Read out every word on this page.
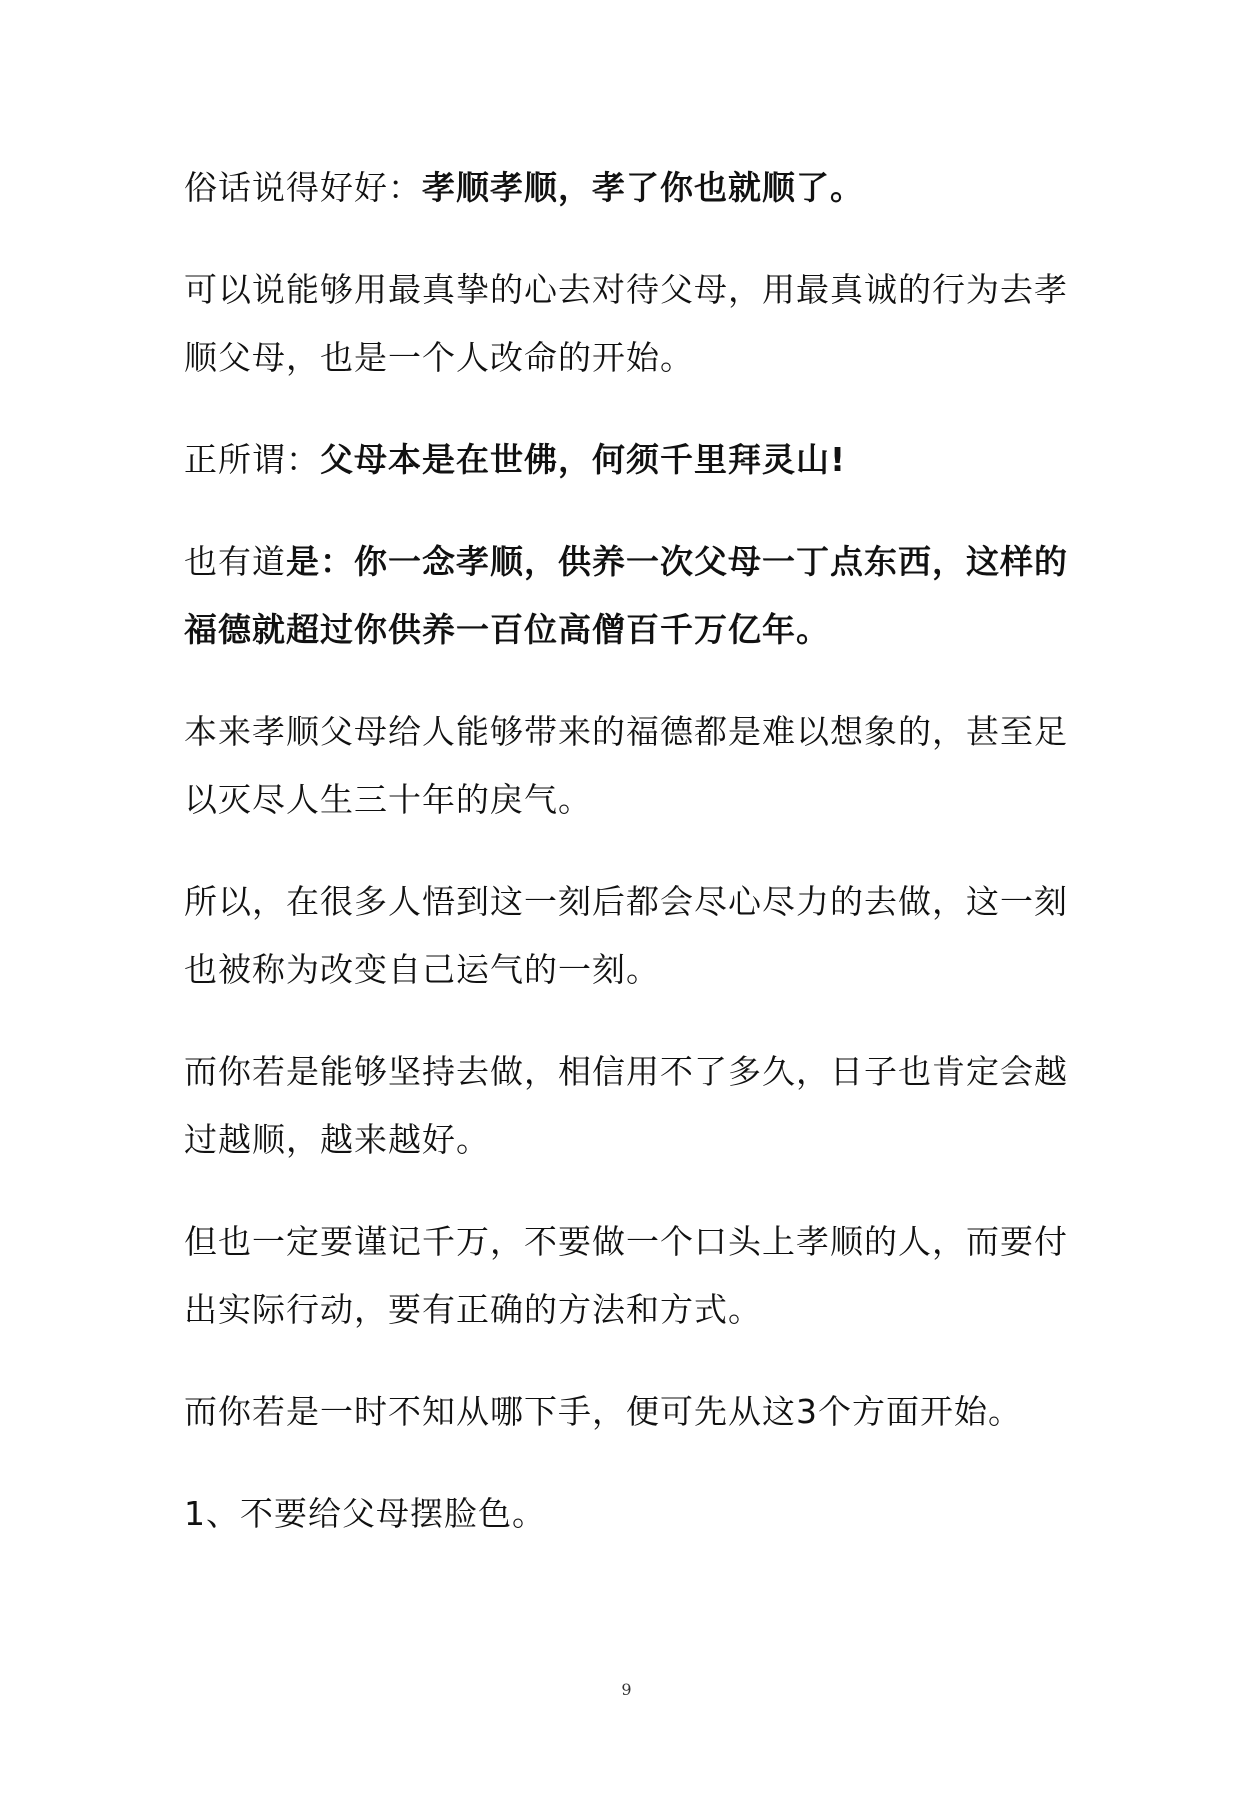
俗话说得好好：孝顺孝顺，孝了你也就顺了。

可以说能够用最真挚的心去对待父母，用最真诚的行为去孝顺父母，也是一个人改命的开始。

正所谓：父母本是在世佛，何须千里拜灵山!

也有道是：你一念孝顺，供养一次父母一丁点东西，这样的福德就超过你供养一百位高僧百千万亿年。

本来孝顺父母给人能够带来的福德都是难以想象的，甚至足以灭尽人生三十年的戾气。

所以，在很多人悟到这一刻后都会尽心尽力的去做，这一刻也被称为改变自己运气的一刻。

而你若是能够坚持去做，相信用不了多久，日子也肯定会越过越顺，越来越好。

但也一定要谨记千万，不要做一个口头上孝顺的人，而要付出实际行动，要有正确的方法和方式。

而你若是一时不知从哪下手，便可先从这3个方面开始。

1、不要给父母摆脸色。

9
